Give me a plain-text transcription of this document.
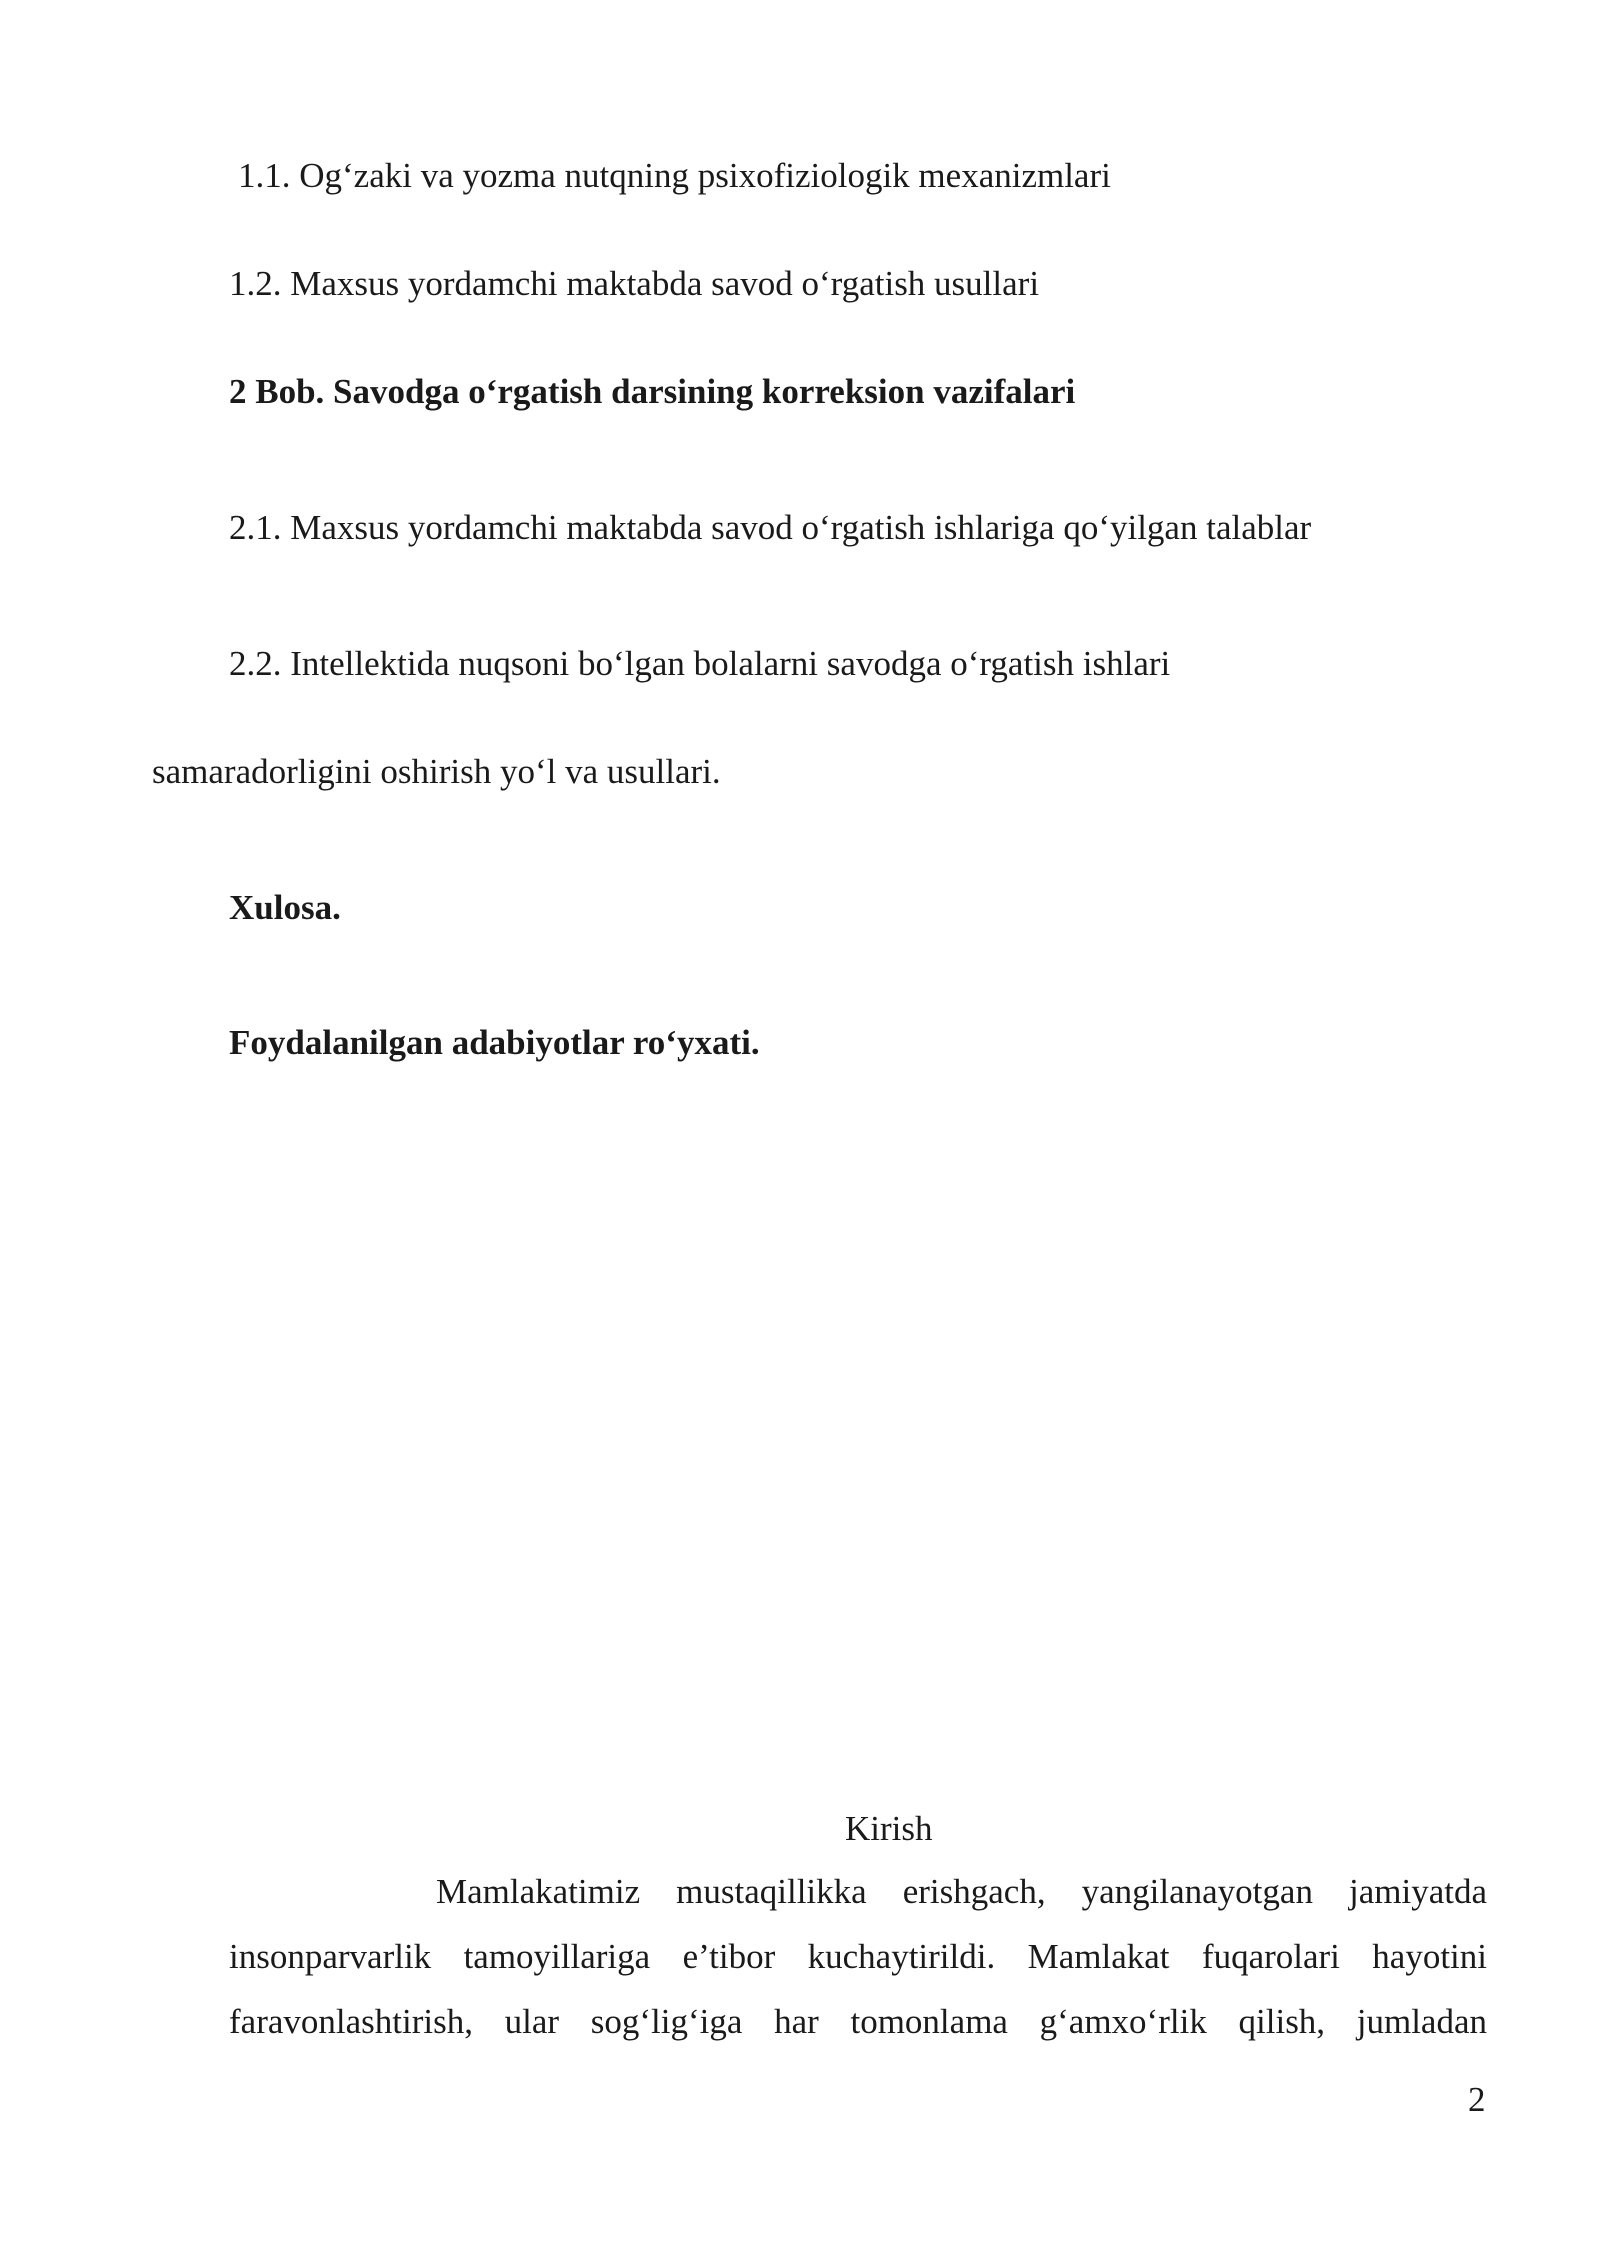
1.1. Og‘zaki va yozma nutqning psixofiziologik mexanizmlari
1.2. Maxsus yordamchi maktabda savod o‘rgatish usullari
2 Bob. Savodga o‘rgatish darsining korreksion vazifalari
2.1. Maxsus yordamchi maktabda savod o‘rgatish ishlariga qo‘yilgan talablar
2.2. Intellektida nuqsoni bo‘lgan bolalarni savodga o‘rgatish ishlari
samaradorligini oshirish yo‘l va usullari.
Xulosa.
Foydalanilgan adabiyotlar ro‘yxati.
Kirish
Mamlakatimiz mustaqillikka erishgach, yangilanayotgan jamiyatda
insonparvarlik tamoyillariga e’tibor kuchaytirildi. Mamlakat fuqarolari hayotini
faravonlashtirish, ular sog‘lig‘iga har tomonlama g‘amxo‘rlik qilish, jumladan
2
